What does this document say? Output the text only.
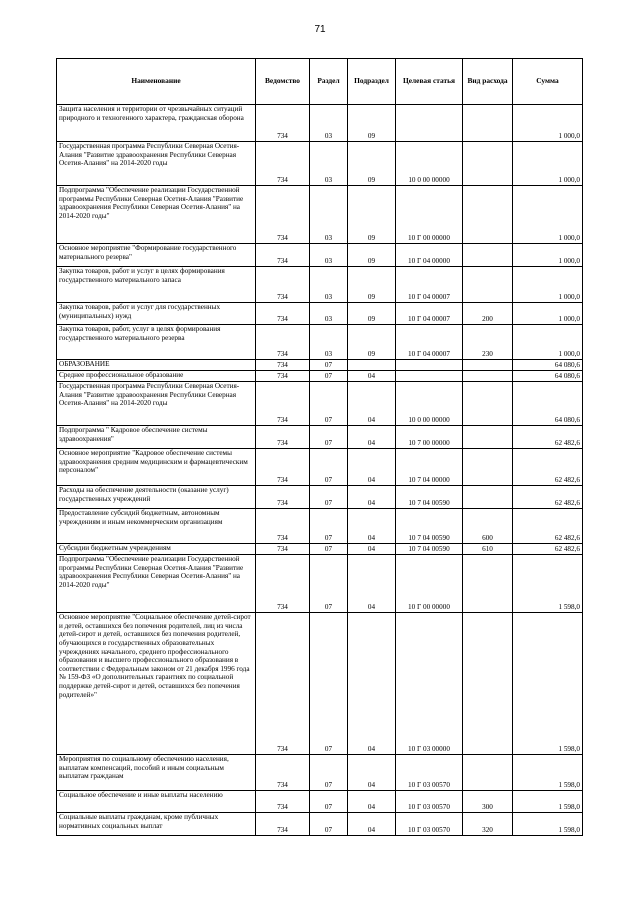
71
Наименование	Ведомство	Раздел	Подраздел	Целевая статья	Вид расхода	Сумма
Защита населения и территории от чрезвычайных ситуаций природного и техногенного характера, гражданская оборона	734	03	09			1 000,0
Государственная программа Республики Северная Осетия-Алания "Развитие здравоохранения Республики Северная Осетия-Алания" на 2014-2020 годы	734	03	09	10 0 00 00000		1 000,0
Подпрограмма "Обеспечение реализации Государственной программы Республики Северная Осетия-Алания "Развитие здравоохранения Республики Северная Осетия-Алания" на 2014-2020 годы"	734	03	09	10 Г 00 00000		1 000,0
Основное мероприятие "Формирование государственного материального резерва"	734	03	09	10 Г 04 00000		1 000,0
Закупка товаров, работ и услуг в целях формирования государственного материального запаса	734	03	09	10 Г 04 00007		1 000,0
Закупка товаров, работ и услуг для государственных (муниципальных) нужд	734	03	09	10 Г 04 00007	200	1 000,0
Закупка товаров, работ, услуг в целях формирования государственного материального резерва	734	03	09	10 Г 04 00007	230	1 000,0
ОБРАЗОВАНИЕ	734	07				64 080,6
Среднее профессиональное образование	734	07	04			64 080,6
Государственная программа Республики Северная Осетия-Алания "Развитие здравоохранения Республики Северная Осетия-Алания" на 2014-2020 годы	734	07	04	10 0 00 00000		64 080,6
Подпрограмма " Кадровое обеспечение системы здравоохранения"	734	07	04	10 7 00 00000		62 482,6
Основное мероприятие "Кадровое обеспечение системы здравоохранения средним медицинским и фармацевтическим персоналом"	734	07	04	10 7 04 00000		62 482,6
Расходы на обеспечение деятельности (оказание услуг) государственных учреждений	734	07	04	10 7 04 00590		62 482,6
Предоставление субсидий бюджетным, автономным учреждениям и иным некоммерческим организациям	734	07	04	10 7 04 00590	600	62 482,6
Субсидии бюджетным учреждениям	734	07	04	10 7 04 00590	610	62 482,6
Подпрограмма "Обеспечение реализации Государственной программы Республики Северная Осетия-Алания "Развитие здравоохранения Республики Северная Осетия-Алания" на 2014-2020 годы"	734	07	04	10 Г 00 00000		1 598,0
Основное мероприятие "Социальное обеспечение детей-сирот и детей, оставшихся без попечения родителей, лиц из числа детей-сирот и детей, оставшихся без попечения родителей, обучающихся в государственных образовательных учреждениях начального, среднего профессионального образования и высшего профессионального образования в соответствии с Федеральным законом от 21 декабря 1996 года № 159-ФЗ «О дополнительных гарантиях по социальной поддержке детей-сирот и детей, оставшихся без попечения родителей»"	734	07	04	10 Г 03 00000		1 598,0
Мероприятия по социальному обеспечению населения, выплатам компенсаций, пособий и иным социальным выплатам гражданам	734	07	04	10 Г 03 00570		1 598,0
Социальное обеспечение и иные выплаты населению	734	07	04	10 Г 03 00570	300	1 598,0
Социальные выплаты гражданам, кроме публичных нормативных социальных выплат	734	07	04	10 Г 03 00570	320	1 598,0
